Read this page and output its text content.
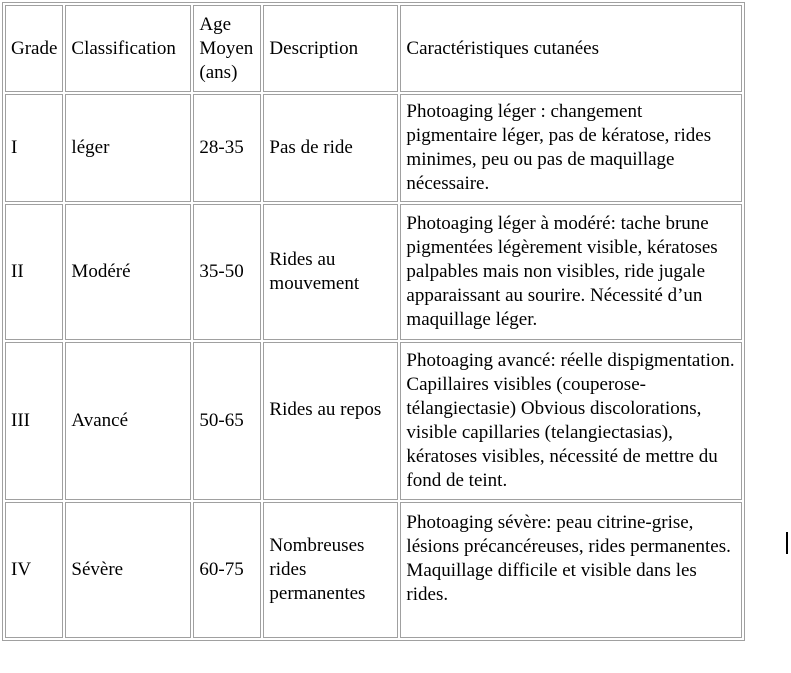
Grade	Classification	Age Moyen (ans)	Description	Caractéristiques cutanées
I	léger	28-35	Pas de ride	Photoaging léger : changement pigmentaire léger, pas de kératose, rides minimes, peu ou pas de maquillage nécessaire.
II	Modéré	35-50	Rides au mouvement	Photoaging léger à modéré: tache brune pigmentées légèrement visible, kératoses palpables mais non visibles, ride jugale apparaissant au sourire. Nécessité d’un maquillage léger.
III	Avancé	50-65	Rides au repos	Photoaging avancé: réelle dispigmentation. Capillaires visibles (couperose-télangiectasie) Obvious discolorations, visible capillaries (telangiectasias), kératoses visibles, nécessité de mettre du fond de teint.
IV	Sévère	60-75	Nombreuses rides permanentes	Photoaging sévère: peau citrine-grise, lésions précancéreuses, rides permanentes. Maquillage difficile et visible dans les rides.
